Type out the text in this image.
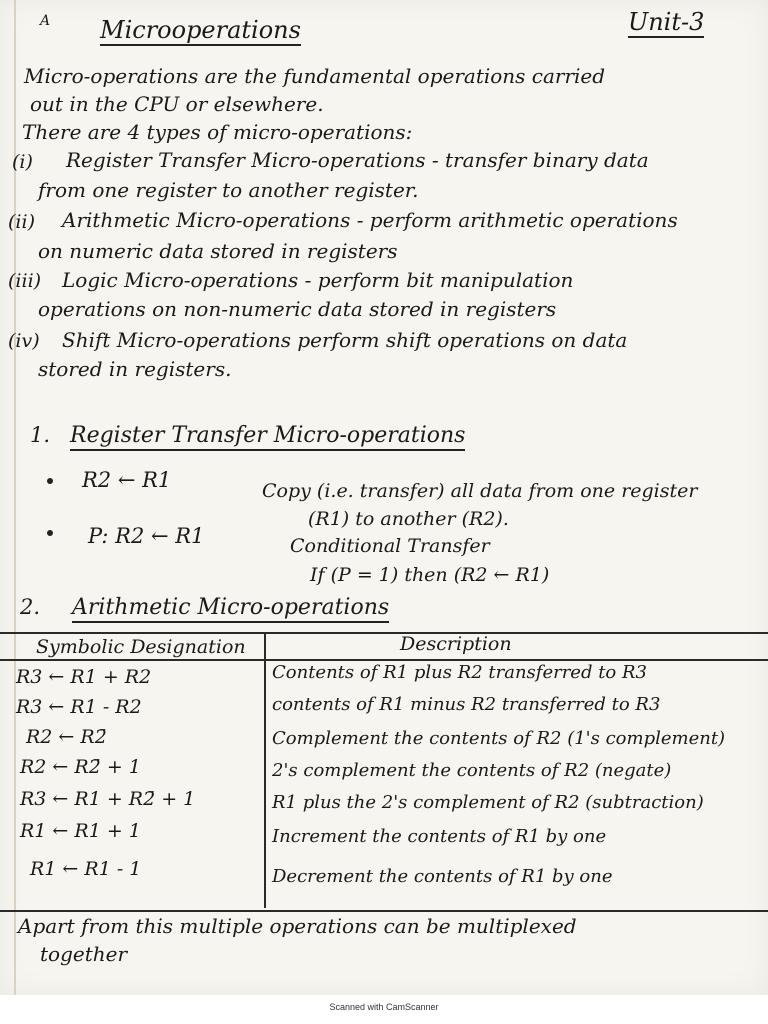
A Microoperations	Unit-3
Micro-operations are the fundamental operations carried
out in the CPU or elsewhere.
There are 4 types of micro-operations:
(i) Register Transfer Micro-operations - transfer binary data
from one register to another register.
(ii) Arithmetic Micro-operations - perform arithmetic operations
on numeric data stored in registers
(iii) Logic Micro-operations - perform bit manipulation
operations on non-numeric data stored in registers
(iv) Shift Micro-operations perform shift operations on data
stored in registers.
1. Register Transfer Micro-operations
R2 ← R1	Copy (i.e. transfer) all data from one register
(R1) to another (R2).
P: R2 ← R1	Conditional Transfer
If (P = 1) then (R2 ← R1)
2. Arithmetic Micro-operations
Symbolic Designation	Description
R3 ← R1 + R2	Contents of R1 plus R2 transferred to R3
R3 ← R1 - R2	contents of R1 minus R2 transferred to R3
R2 ← R2̄	Complement the contents of R2 (1's complement)
R2 ← R2̄ + 1	2's complement the contents of R2 (negate)
R3 ← R1 + R2̄ + 1	R1 plus the 2's complement of R2 (subtraction)
R1 ← R1 + 1	Increment the contents of R1 by one
R1 ← R1 - 1	Decrement the contents of R1 by one
Apart from this multiple operations can be multiplexed
together
Scanned with CamScanner
